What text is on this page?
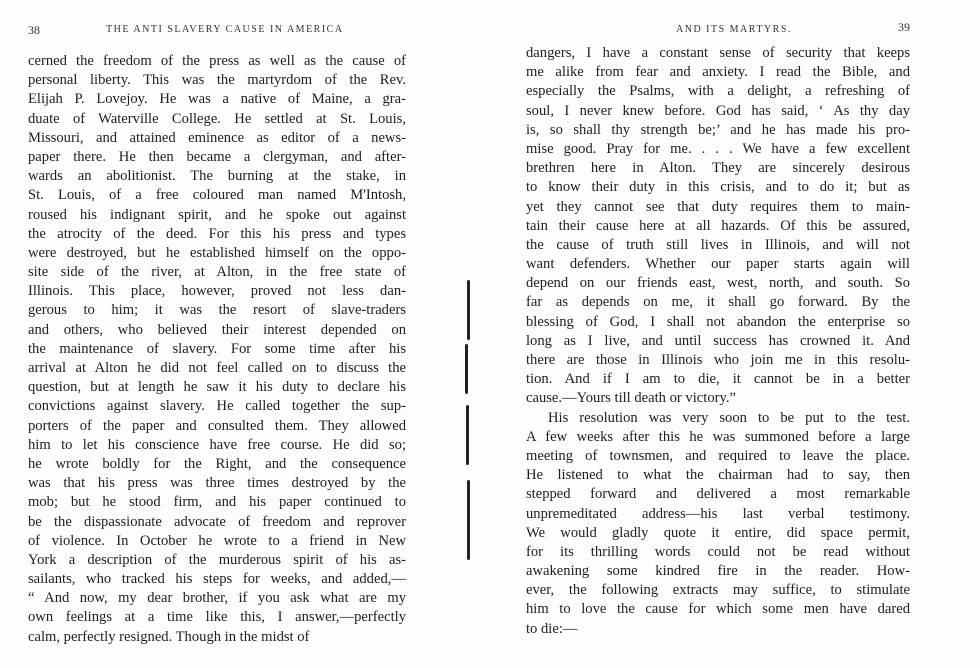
38	THE ANTI SLAVERY CAUSE IN AMERICA
cerned the freedom of the press as well as the cause of
personal liberty. This was the martyrdom of the Rev.
Elijah P. Lovejoy. He was a native of Maine, a gra-
duate of Waterville College. He settled at St. Louis,
Missouri, and attained eminence as editor of a news-
paper there. He then became a clergyman, and after-
wards an abolitionist. The burning at the stake, in
St. Louis, of a free coloured man named M'Intosh,
roused his indignant spirit, and he spoke out against
the atrocity of the deed. For this his press and types
were destroyed, but he established himself on the oppo-
site side of the river, at Alton, in the free state of
Illinois. This place, however, proved not less dan-
gerous to him; it was the resort of slave-traders
and others, who believed their interest depended on
the maintenance of slavery. For some time after his
arrival at Alton he did not feel called on to discuss the
question, but at length he saw it his duty to declare his
convictions against slavery. He called together the sup-
porters of the paper and consulted them. They allowed
him to let his conscience have free course. He did so;
he wrote boldly for the Right, and the consequence
was that his press was three times destroyed by the
mob; but he stood firm, and his paper continued to
be the dispassionate advocate of freedom and reprover
of violence. In October he wrote to a friend in New
York a description of the murderous spirit of his as-
sailants, who tracked his steps for weeks, and added,—
“ And now, my dear brother, if you ask what are my
own feelings at a time like this, I answer,—perfectly
calm, perfectly resigned. Though in the midst of
AND ITS MARTYRS.	39
dangers, I have a constant sense of security that keeps
me alike from fear and anxiety. I read the Bible, and
especially the Psalms, with a delight, a refreshing of
soul, I never knew before. God has said, ‘ As thy day
is, so shall thy strength be;’ and he has made his pro-
mise good. Pray for me. . . . We have a few excellent
brethren here in Alton. They are sincerely desirous
to know their duty in this crisis, and to do it; but as
yet they cannot see that duty requires them to main-
tain their cause here at all hazards. Of this be assured,
the cause of truth still lives in Illinois, and will not
want defenders. Whether our paper starts again will
depend on our friends east, west, north, and south. So
far as depends on me, it shall go forward. By the
blessing of God, I shall not abandon the enterprise so
long as I live, and until success has crowned it. And
there are those in Illinois who join me in this resolu-
tion. And if I am to die, it cannot be in a better
cause.—Yours till death or victory.”
His resolution was very soon to be put to the test.
A few weeks after this he was summoned before a large
meeting of townsmen, and required to leave the place.
He listened to what the chairman had to say, then
stepped forward and delivered a most remarkable
unpremeditated address—his last verbal testimony.
We would gladly quote it entire, did space permit,
for its thrilling words could not be read without
awakening some kindred fire in the reader. How-
ever, the following extracts may suffice, to stimulate
him to love the cause for which some men have dared
to die:—
